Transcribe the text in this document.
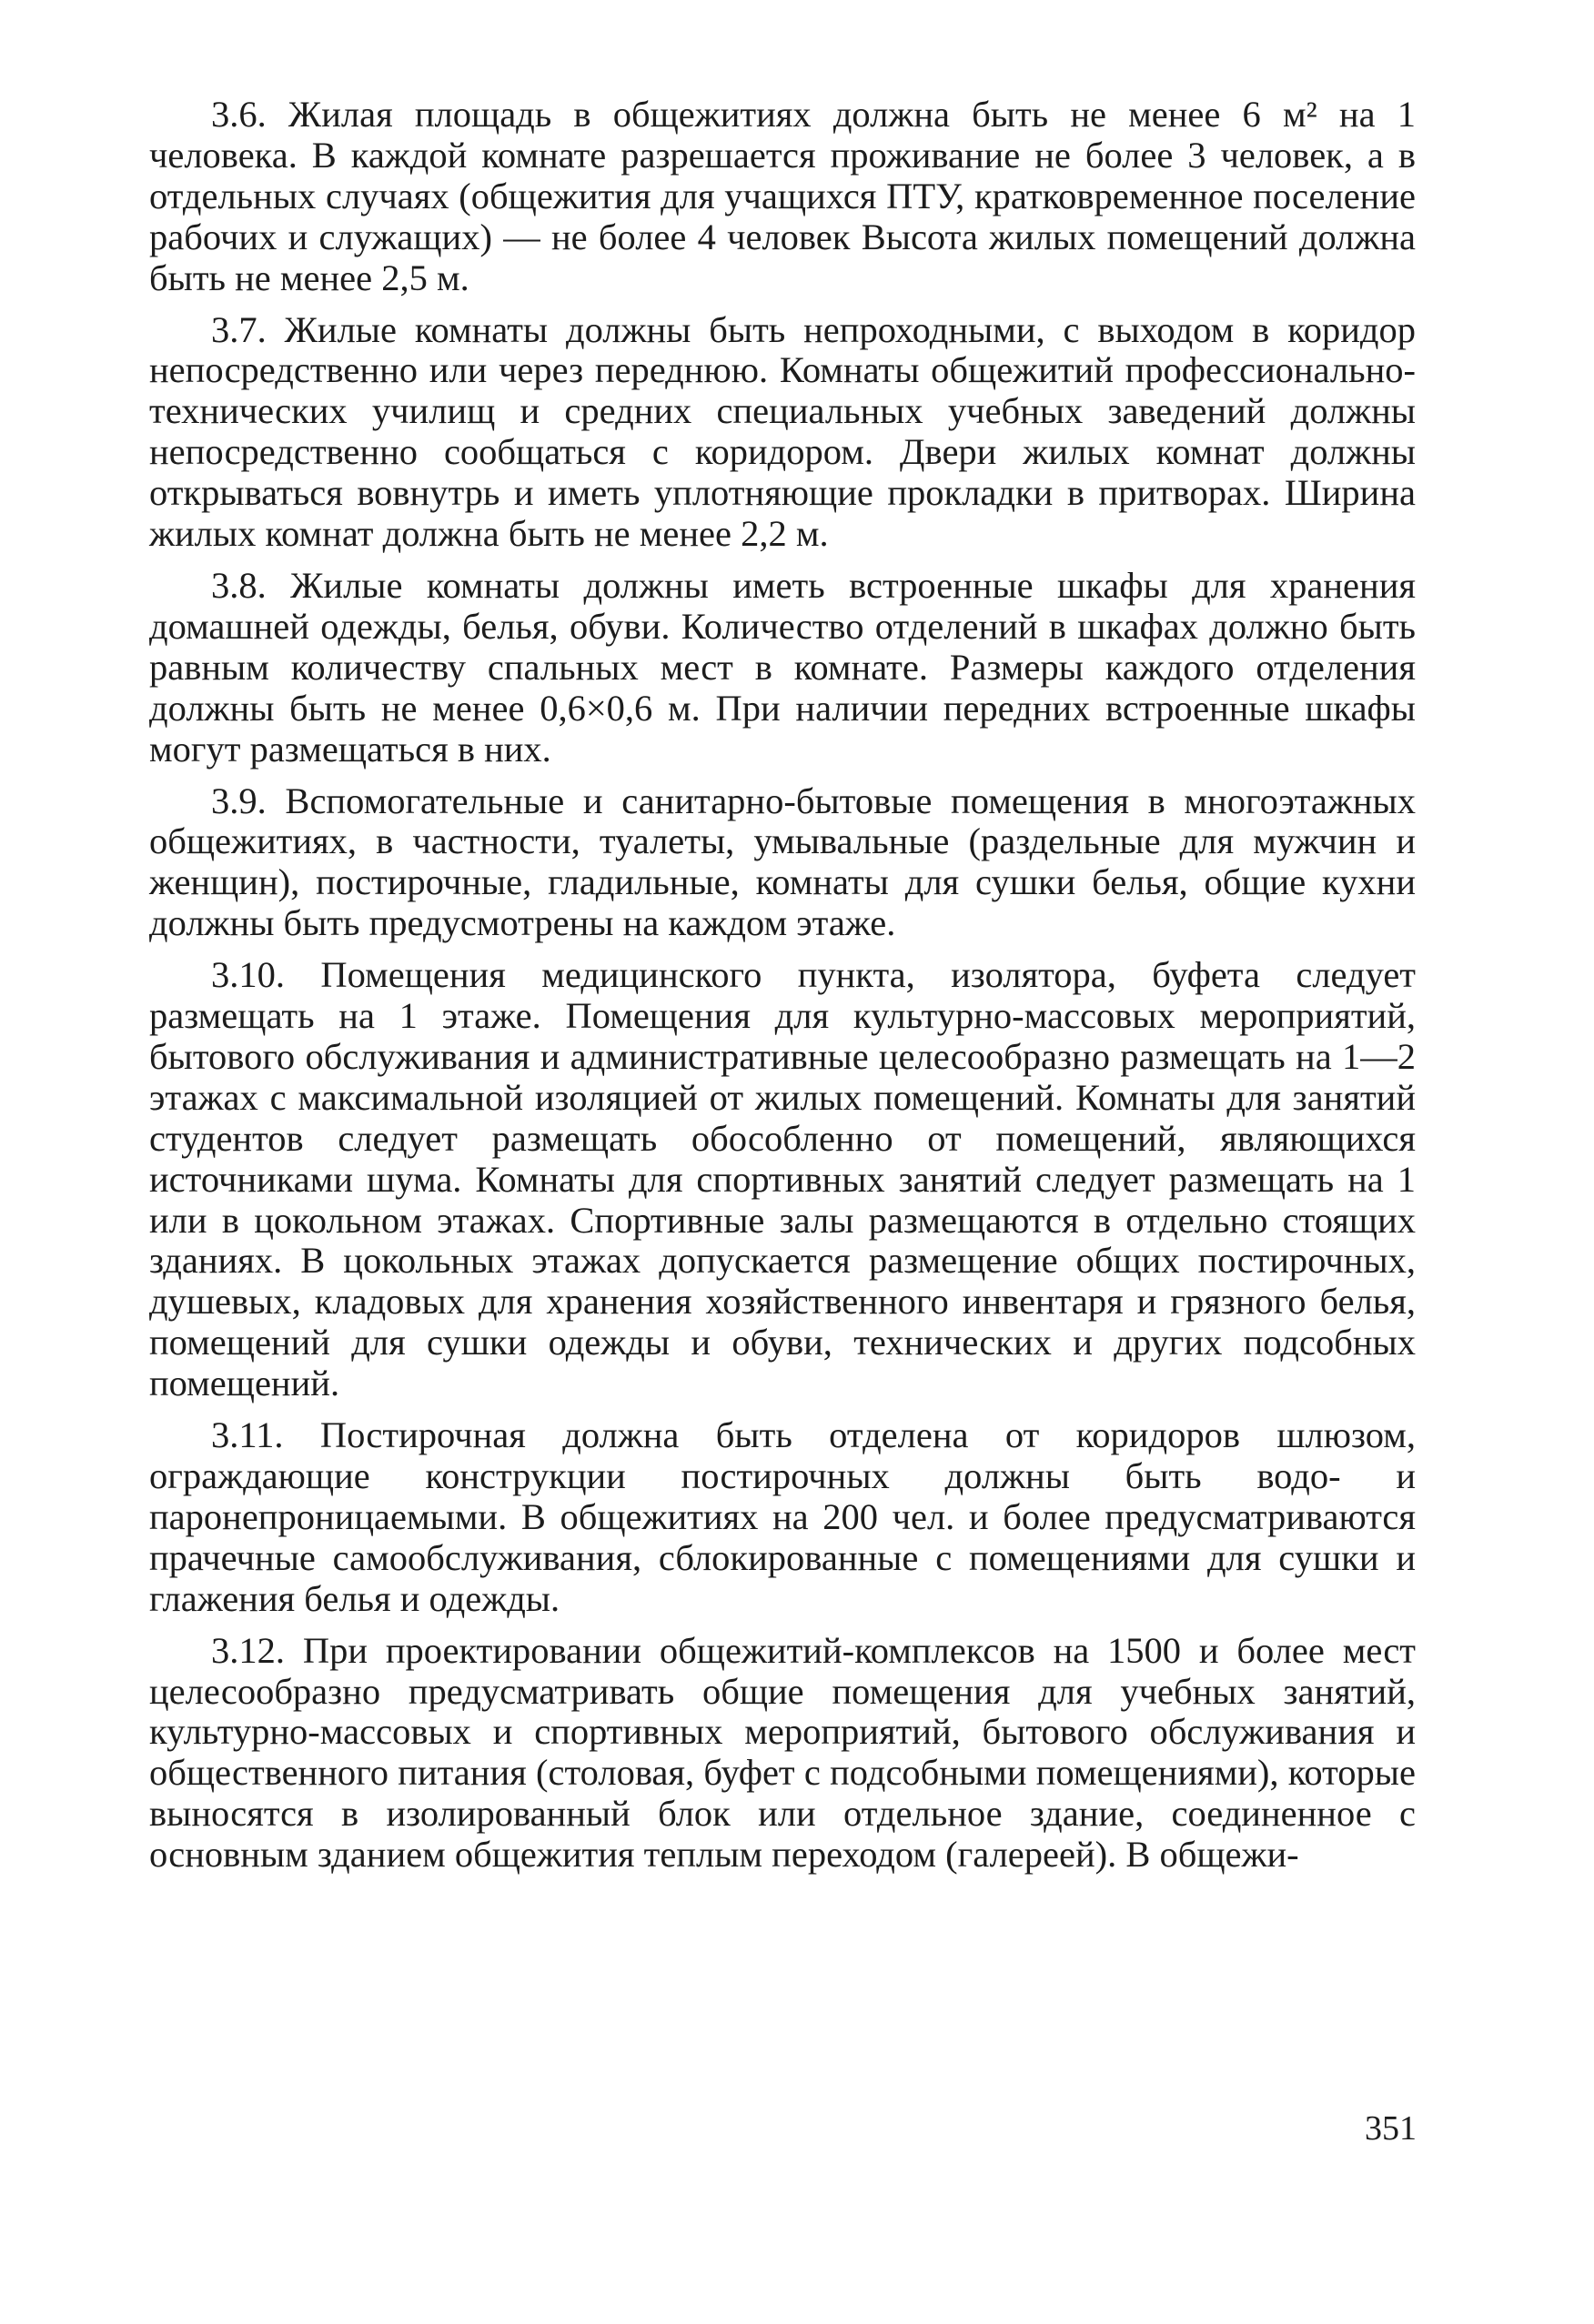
3.6. Жилая площадь в общежитиях должна быть не менее 6 м² на 1 человека. В каждой комнате разрешается проживание не более 3 человек, а в отдельных случаях (общежития для учащихся ПТУ, кратковременное поселение рабочих и служащих) — не более 4 человек Высота жилых помещений должна быть не менее 2,5 м.

3.7. Жилые комнаты должны быть непроходными, с выходом в коридор непосредственно или через переднюю. Комнаты общежитий профессионально-технических училищ и средних специальных учебных заведений должны непосредственно сообщаться с коридором. Двери жилых комнат должны открываться вовнутрь и иметь уплотняющие прокладки в притворах. Ширина жилых комнат должна быть не менее 2,2 м.

3.8. Жилые комнаты должны иметь встроенные шкафы для хранения домашней одежды, белья, обуви. Количество отделений в шкафах должно быть равным количеству спальных мест в комнате. Размеры каждого отделения должны быть не менее 0,6×0,6 м. При наличии передних встроенные шкафы могут размещаться в них.

3.9. Вспомогательные и санитарно-бытовые помещения в многоэтажных общежитиях, в частности, туалеты, умывальные (раздельные для мужчин и женщин), постирочные, гладильные, комнаты для сушки белья, общие кухни должны быть предусмотрены на каждом этаже.

3.10. Помещения медицинского пункта, изолятора, буфета следует размещать на 1 этаже. Помещения для культурно-массовых мероприятий, бытового обслуживания и административные целесообразно размещать на 1—2 этажах с максимальной изоляцией от жилых помещений. Комнаты для занятий студентов следует размещать обособленно от помещений, являющихся источниками шума. Комнаты для спортивных занятий следует размещать на 1 или в цокольном этажах. Спортивные залы размещаются в отдельно стоящих зданиях. В цокольных этажах допускается размещение общих постирочных, душевых, кладовых для хранения хозяйственного инвентаря и грязного белья, помещений для сушки одежды и обуви, технических и других подсобных помещений.

3.11. Постирочная должна быть отделена от коридоров шлюзом, ограждающие конструкции постирочных должны быть водо- и паронепроницаемыми. В общежитиях на 200 чел. и более предусматриваются прачечные самообслуживания, сблокированные с помещениями для сушки и глажения белья и одежды.

3.12. При проектировании общежитий-комплексов на 1500 и более мест целесообразно предусматривать общие помещения для учебных занятий, культурно-массовых и спортивных мероприятий, бытового обслуживания и общественного питания (столовая, буфет с подсобными помещениями), которые выносятся в изолированный блок или отдельное здание, соединенное с основным зданием общежития теплым переходом (галереей). В общежи-

351
